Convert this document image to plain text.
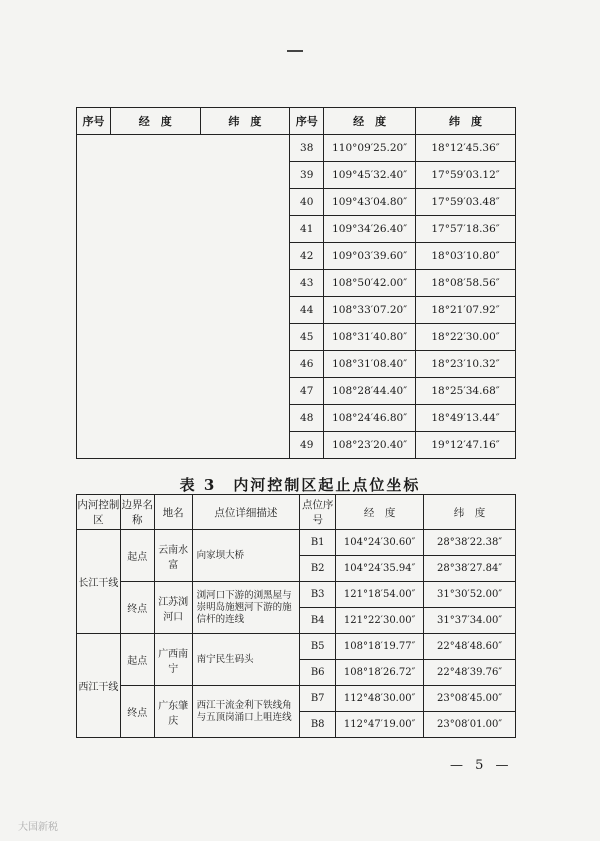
序号	经　度	纬　度	序号	经　度	纬　度
			38	110°09′25.20″	18°12′45.36″
			39	109°45′32.40″	17°59′03.12″
			40	109°43′04.80″	17°59′03.48″
			41	109°34′26.40″	17°57′18.36″
			42	109°03′39.60″	18°03′10.80″
			43	108°50′42.00″	18°08′58.56″
			44	108°33′07.20″	18°21′07.92″
			45	108°31′40.80″	18°22′30.00″
			46	108°31′08.40″	18°23′10.32″
			47	108°28′44.40″	18°25′34.68″
			48	108°24′46.80″	18°49′13.44″
			49	108°23′20.40″	19°12′47.16″
表 3　内河控制区起止点位坐标
内河控制区	边界名称	地名	点位详细描述	点位序号	经　度	纬　度
长江干线	起点	云南水富	向家坝大桥	B1	104°24′30.60″	28°38′22.38″
				B2	104°24′35.94″	28°38′27.84″
	终点	江苏浏河口	浏河口下游的浏黑屋与崇明岛施翘河下游的施信杆的连线	B3	121°18′54.00″	31°30′52.00″
				B4	121°22′30.00″	31°37′34.00″
西江干线	起点	广西南宁	南宁民生码头	B5	108°18′19.77″	22°48′48.60″
				B6	108°18′26.72″	22°48′39.76″
	终点	广东肇庆	西江干流金利下铁线角与五顶岗涌口上咀连线	B7	112°48′30.00″	23°08′45.00″
				B8	112°47′19.00″	23°08′01.00″
— 5 —
大国新税
